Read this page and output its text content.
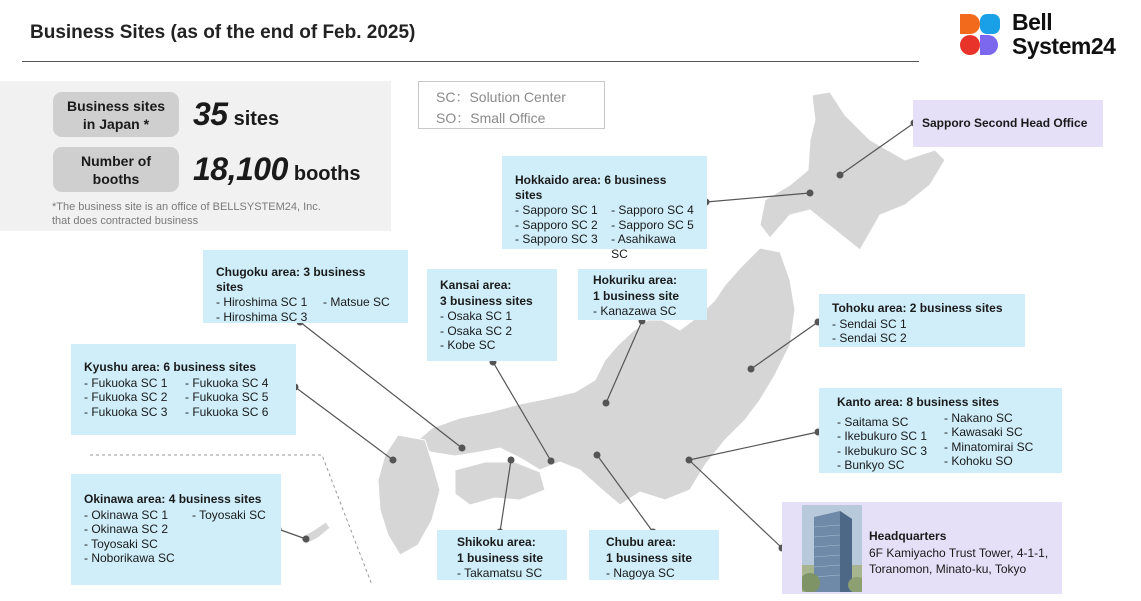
Business Sites (as of the end of Feb. 2025)	Bell
System24
Business sites
in Japan *	35 sites
Number of
booths	18,100 booths
*The business site is an office of BELLSYSTEM24, Inc.
that does contracted business
SC：Solution Center
SO：Small Office	Sapporo Second Head Office
Hokkaido area: 6 business sites
- Sapporo SC 1
- Sapporo SC 2
- Sapporo SC 3
- Sapporo SC 4
- Sapporo SC 5
- Asahikawa SC
Chugoku area: 3 business sites
- Hiroshima SC 1
- Hiroshima SC 3
- Matsue SC
Kansai area:
3 business sites
- Osaka SC 1
- Osaka SC 2
- Kobe SC
Hokuriku area:
1 business site
- Kanazawa SC	Tohoku area: 2 business sites
- Sendai SC 1
- Sendai SC 2
Kyushu area: 6 business sites
- Fukuoka SC 1
- Fukuoka SC 2
- Fukuoka SC 3
- Fukuoka SC 4
- Fukuoka SC 5
- Fukuoka SC 6
Kanto area: 8 business sites
- Saitama SC
- Ikebukuro SC 1
- Ikebukuro SC 3
- Bunkyo SC
- Nakano SC
- Kawasaki SC
- Minatomirai SC
- Kohoku SO
Okinawa area: 4 business sites
- Okinawa SC 1
- Okinawa SC 2
- Toyosaki SC
- Noborikawa SC
- Toyosaki SC
Shikoku area:
1 business site
- Takamatsu SC
Chubu area:
1 business site
- Nagoya SC
Headquarters
6F Kamiyacho Trust Tower, 4-1-1,
Toranomon, Minato-ku, Tokyo
